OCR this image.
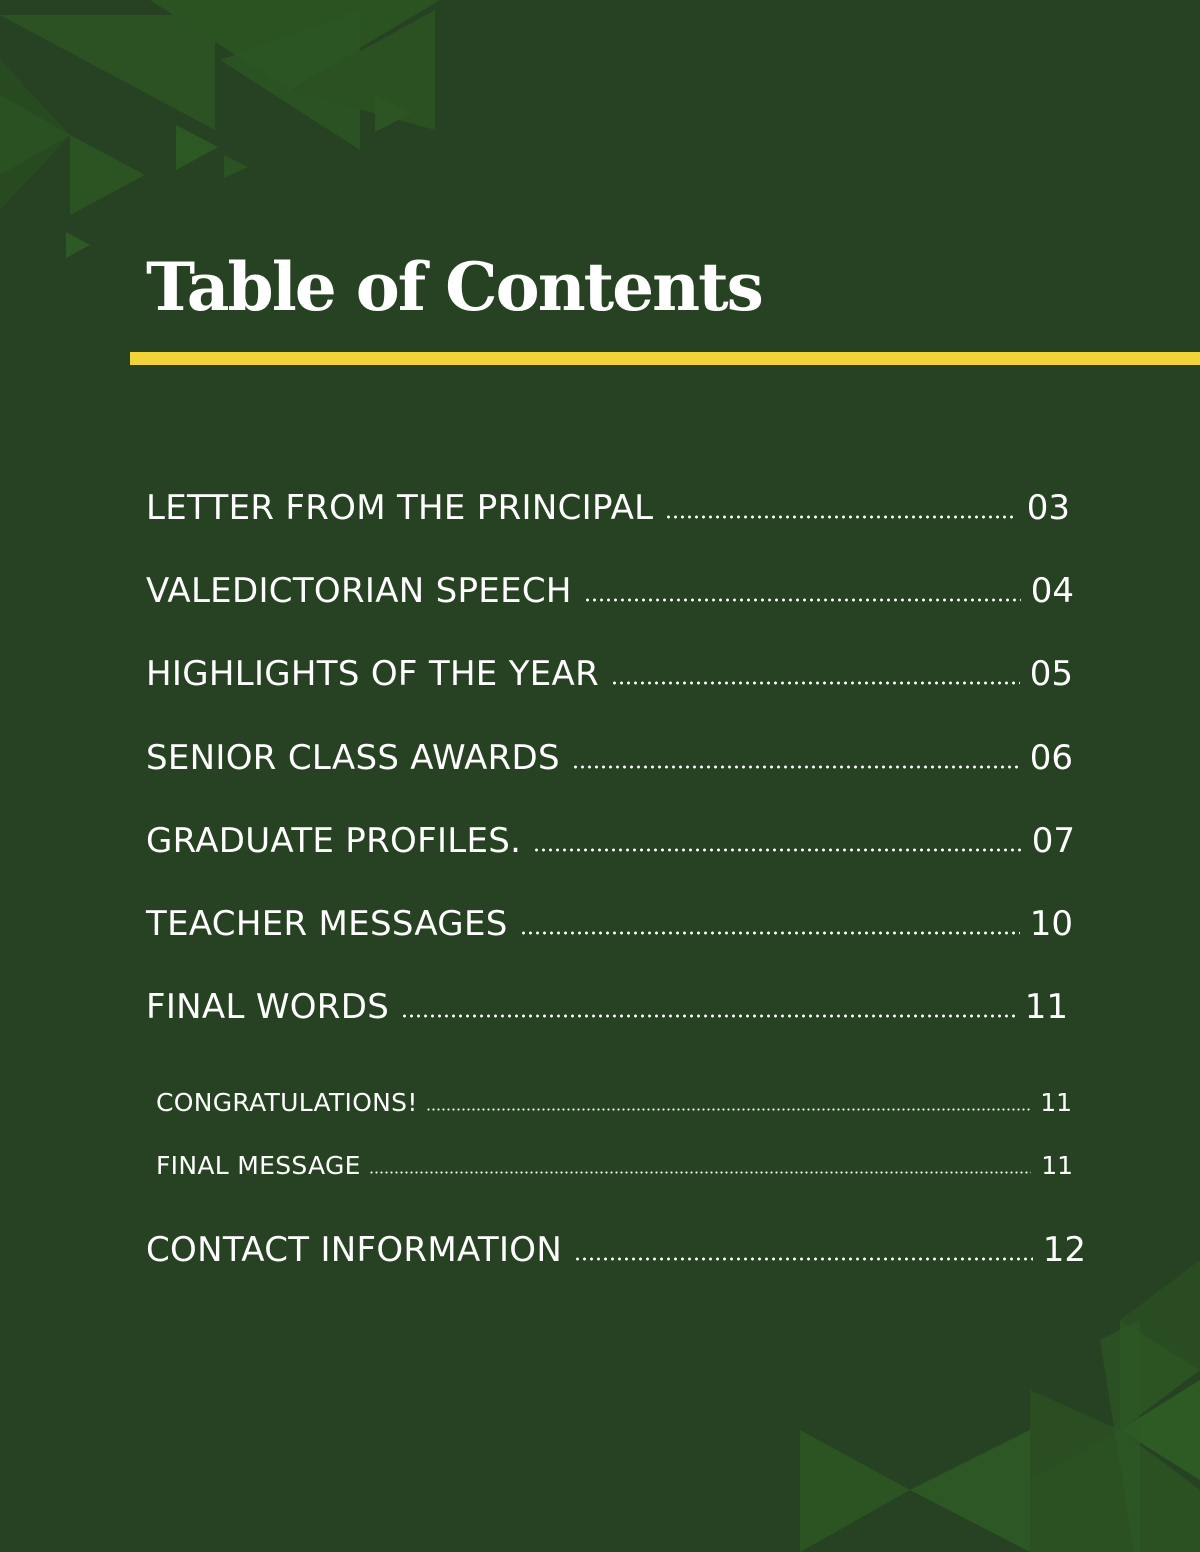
Table of Contents
LETTER FROM THE PRINCIPAL	03
VALEDICTORIAN SPEECH	04
HIGHLIGHTS OF THE YEAR	05
SENIOR CLASS AWARDS	06
GRADUATE PROFILES.	07
TEACHER MESSAGES	10
FINAL WORDS	11
CONGRATULATIONS!	11
FINAL MESSAGE	11
CONTACT INFORMATION	12
